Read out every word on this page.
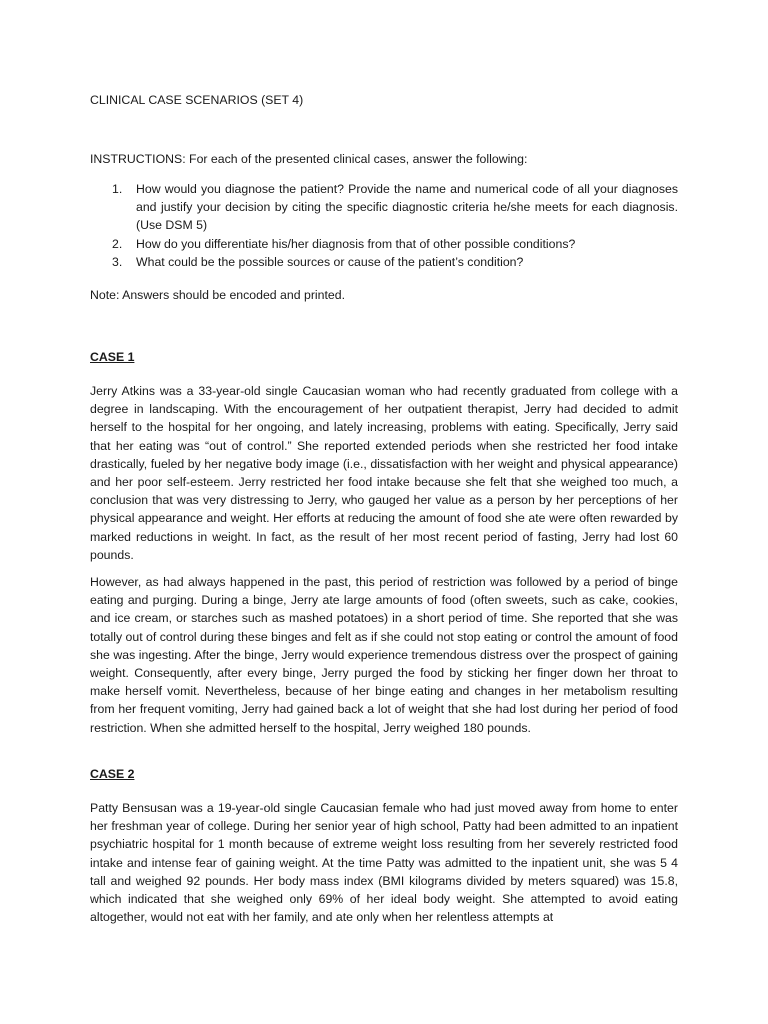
CLINICAL CASE SCENARIOS (SET 4)

INSTRUCTIONS: For each of the presented clinical cases, answer the following:

1. How would you diagnose the patient? Provide the name and numerical code of all your diagnoses and justify your decision by citing the specific diagnostic criteria he/she meets for each diagnosis. (Use DSM 5)
2. How do you differentiate his/her diagnosis from that of other possible conditions?
3. What could be the possible sources or cause of the patient’s condition?

Note: Answers should be encoded and printed.

CASE 1

Jerry Atkins was a 33-year-old single Caucasian woman who had recently graduated from college with a degree in landscaping. With the encouragement of her outpatient therapist, Jerry had decided to admit herself to the hospital for her ongoing, and lately increasing, problems with eating. Specifically, Jerry said that her eating was “out of control.” She reported extended periods when she restricted her food intake drastically, fueled by her negative body image (i.e., dissatisfaction with her weight and physical appearance) and her poor self-esteem. Jerry restricted her food intake because she felt that she weighed too much, a conclusion that was very distressing to Jerry, who gauged her value as a person by her perceptions of her physical appearance and weight. Her efforts at reducing the amount of food she ate were often rewarded by marked reductions in weight. In fact, as the result of her most recent period of fasting, Jerry had lost 60 pounds.

However, as had always happened in the past, this period of restriction was followed by a period of binge eating and purging. During a binge, Jerry ate large amounts of food (often sweets, such as cake, cookies, and ice cream, or starches such as mashed potatoes) in a short period of time. She reported that she was totally out of control during these binges and felt as if she could not stop eating or control the amount of food she was ingesting. After the binge, Jerry would experience tremendous distress over the prospect of gaining weight. Consequently, after every binge, Jerry purged the food by sticking her finger down her throat to make herself vomit. Nevertheless, because of her binge eating and changes in her metabolism resulting from her frequent vomiting, Jerry had gained back a lot of weight that she had lost during her period of food restriction. When she admitted herself to the hospital, Jerry weighed 180 pounds.

CASE 2

Patty Bensusan was a 19-year-old single Caucasian female who had just moved away from home to enter her freshman year of college. During her senior year of high school, Patty had been admitted to an inpatient psychiatric hospital for 1 month because of extreme weight loss resulting from her severely restricted food intake and intense fear of gaining weight. At the time Patty was admitted to the inpatient unit, she was 5 4 tall and weighed 92 pounds. Her body mass index (BMI kilograms divided by meters squared) was 15.8, which indicated that she weighed only 69% of her ideal body weight. She attempted to avoid eating altogether, would not eat with her family, and ate only when her relentless attempts at
